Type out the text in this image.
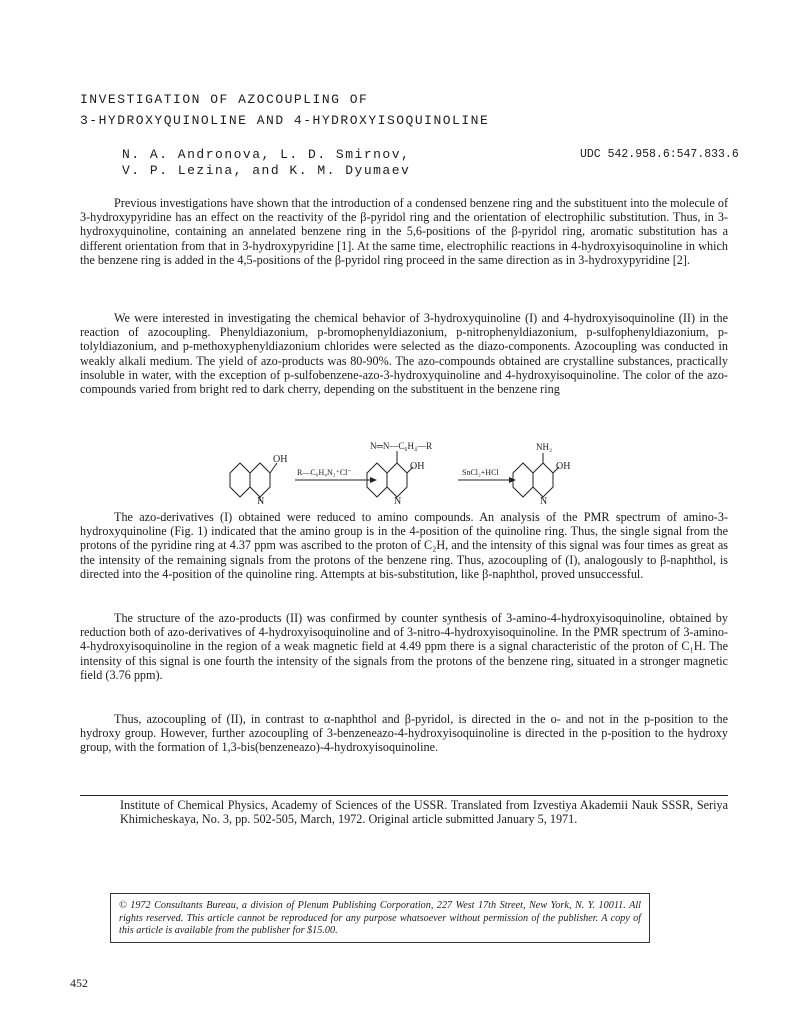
INVESTIGATION OF AZOCOUPLING OF
3-HYDROXYQUINOLINE AND 4-HYDROXYISOQUINOLINE
N. A. Andronova, L. D. Smirnov,
V. P. Lezina, and K. M. Dyumaev
UDC 542.958.6:547.833.6

Previous investigations have shown that the introduction of a condensed benzene ring and the substituent into the molecule of 3-hydroxypyridine has an effect on the reactivity of the β-pyridol ring and the orientation of electrophilic substitution. Thus, in 3-hydroxyquinoline, containing an annelated benzene ring in the 5,6-positions of the β-pyridol ring, aromatic substitution has a different orientation from that in 3-hydroxypyridine [1]. At the same time, electrophilic reactions in 4-hydroxyisoquinoline in which the benzene ring is added in the 4,5-positions of the β-pyridol ring proceed in the same direction as in 3-hydroxypyridine [2].

We were interested in investigating the chemical behavior of 3-hydroxyquinoline (I) and 4-hydroxyisoquinoline (II) in the reaction of azocoupling. Phenyldiazonium, p-bromophenyldiazonium, p-nitrophenyldiazonium, p-sulfophenyldiazonium, p-tolyldiazonium, and p-methoxyphenyldiazonium chlorides were selected as the diazo-components. Azocoupling was conducted in weakly alkali medium. The yield of azo-products was 80-90%. The azo-compounds obtained are crystalline substances, practically insoluble in water, with the exception of p-sulfobenzene-azo-3-hydroxyquinoline and 4-hydroxyisoquinoline. The color of the azo-compounds varied from bright red to dark cherry, depending on the substituent in the benzene ring

OH
N
R—C₆H₄N₂⁺Cl⁻
N═N—C₆H₄—R
OH
N
SnCl₂+HCl
NH₂
OH
N

The azo-derivatives (I) obtained were reduced to amino compounds. An analysis of the PMR spectrum of amino-3-hydroxyquinoline (Fig. 1) indicated that the amino group is in the 4-position of the quinoline ring. Thus, the single signal from the protons of the pyridine ring at 4.37 ppm was ascribed to the proton of C₂H, and the intensity of this signal was four times as great as the intensity of the remaining signals from the protons of the benzene ring. Thus, azocoupling of (I), analogously to β-naphthol, is directed into the 4-position of the quinoline ring. Attempts at bis-substitution, like β-naphthol, proved unsuccessful.

The structure of the azo-products (II) was confirmed by counter synthesis of 3-amino-4-hydroxyisoquinoline, obtained by reduction both of azo-derivatives of 4-hydroxyisoquinoline and of 3-nitro-4-hydroxyisoquinoline. In the PMR spectrum of 3-amino-4-hydroxyisoquinoline in the region of a weak magnetic field at 4.49 ppm there is a signal characteristic of the proton of C₁H. The intensity of this signal is one fourth the intensity of the signals from the protons of the benzene ring, situated in a stronger magnetic field (3.76 ppm).

Thus, azocoupling of (II), in contrast to α-naphthol and β-pyridol, is directed in the o- and not in the p-position to the hydroxy group. However, further azocoupling of 3-benzeneazo-4-hydroxyisoquinoline is directed in the p-position to the hydroxy group, with the formation of 1,3-bis(benzeneazo)-4-hydroxyisoquinoline.

Institute of Chemical Physics, Academy of Sciences of the USSR. Translated from Izvestiya Akademii Nauk SSSR, Seriya Khimicheskaya, No. 3, pp. 502-505, March, 1972. Original article submitted January 5, 1971.

© 1972 Consultants Bureau, a division of Plenum Publishing Corporation, 227 West 17th Street, New York, N. Y. 10011. All rights reserved. This article cannot be reproduced for any purpose whatsoever without permission of the publisher. A copy of this article is available from the publisher for $15.00.
452
